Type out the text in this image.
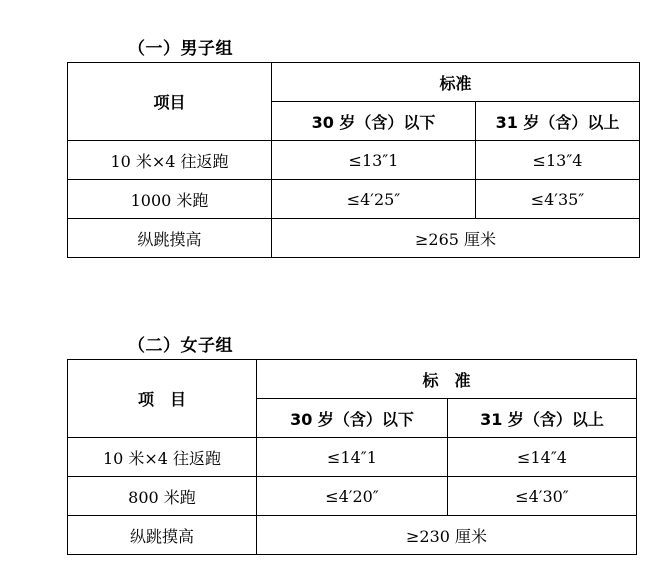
（一）男子组
项目	标准	
	30 岁（含）以下	31 岁（含）以上
10 米×4 往返跑	≤13″1	≤13″4
1000 米跑	≤4′25″	≤4′35″
纵跳摸高	≥265 厘米	
（二）女子组
项　目	标　准	
	30 岁（含）以下	31 岁（含）以上
10 米×4 往返跑	≤14″1	≤14″4
800 米跑	≤4′20″	≤4′30″
纵跳摸高	≥230 厘米	
